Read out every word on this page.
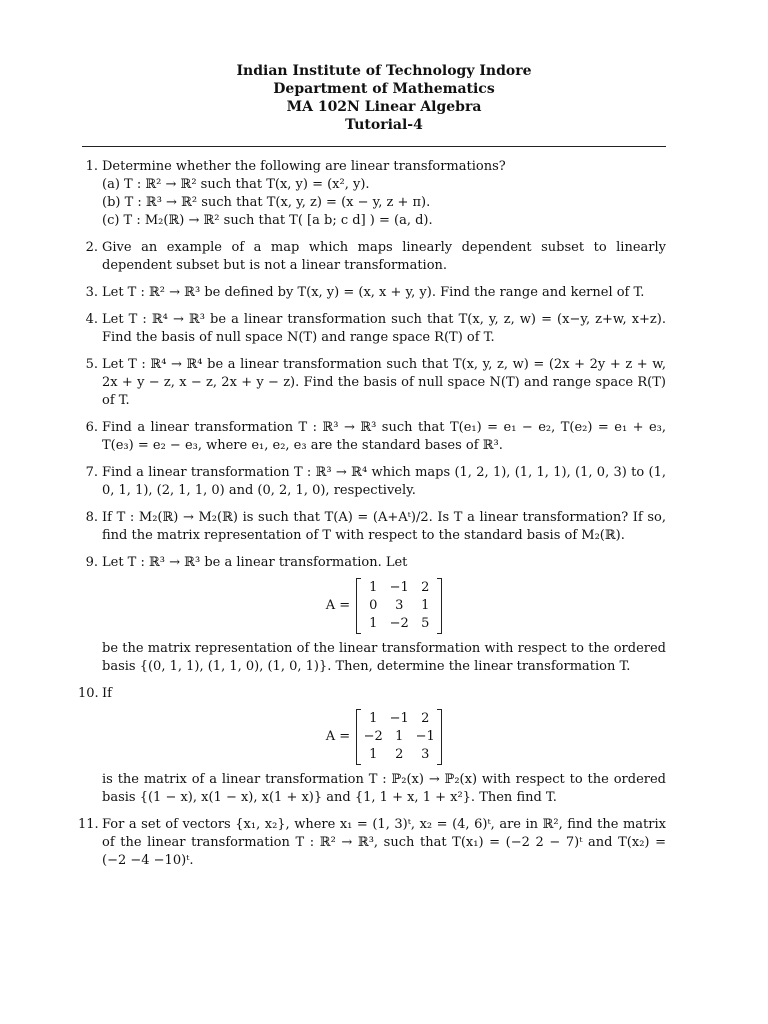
Indian Institute of Technology Indore
Department of Mathematics
MA 102N Linear Algebra
Tutorial-4
1. Determine whether the following are linear transformations?
(a) T : ℝ² → ℝ² such that T(x, y) = (x², y).
(b) T : ℝ³ → ℝ² such that T(x, y, z) = (x − y, z + π).
(c) T : M₂(ℝ) → ℝ² such that T( [a b; c d] ) = (a, d).
2. Give an example of a map which maps linearly dependent subset to linearly dependent subset but is not a linear transformation.
3. Let T : ℝ² → ℝ³ be defined by T(x, y) = (x, x + y, y). Find the range and kernel of T.
4. Let T : ℝ⁴ → ℝ³ be a linear transformation such that T(x, y, z, w) = (x−y, z+w, x+z). Find the basis of null space N(T) and range space R(T) of T.
5. Let T : ℝ⁴ → ℝ⁴ be a linear transformation such that T(x, y, z, w) = (2x + 2y + z + w, 2x + y − z, x − z, 2x + y − z). Find the basis of null space N(T) and range space R(T) of T.
6. Find a linear transformation T : ℝ³ → ℝ³ such that T(e₁) = e₁ − e₂, T(e₂) = e₁ + e₃, T(e₃) = e₂ − e₃, where e₁, e₂, e₃ are the standard bases of ℝ³.
7. Find a linear transformation T : ℝ³ → ℝ⁴ which maps (1, 2, 1), (1, 1, 1), (1, 0, 3) to (1, 0, 1, 1), (2, 1, 1, 0) and (0, 2, 1, 0), respectively.
8. If T : M₂(ℝ) → M₂(ℝ) is such that T(A) = (A+Aᵗ)/2. Is T a linear transformation? If so, find the matrix representation of T with respect to the standard basis of M₂(ℝ).
9. Let T : ℝ³ → ℝ³ be a linear transformation. Let
A =
1 −1 2
0	3	1
1 −2 5
be the matrix representation of the linear transformation with respect to the ordered basis {(0, 1, 1), (1, 1, 0), (1, 0, 1)}. Then, determine the linear transformation T.
10. If
A =
1 −1 2
−2 1 −1
1	2	3
is the matrix of a linear transformation T : ℙ₂(x) → ℙ₂(x) with respect to the ordered basis {(1 − x), x(1 − x), x(1 + x)} and {1, 1 + x, 1 + x²}. Then find T.
11. For a set of vectors {x₁, x₂}, where x₁ = (1, 3)ᵗ, x₂ = (4, 6)ᵗ, are in ℝ², find the matrix of the linear transformation T : ℝ² → ℝ³, such that T(x₁) = (−2 2 − 7)ᵗ and T(x₂) = (−2 −4 −10)ᵗ.
